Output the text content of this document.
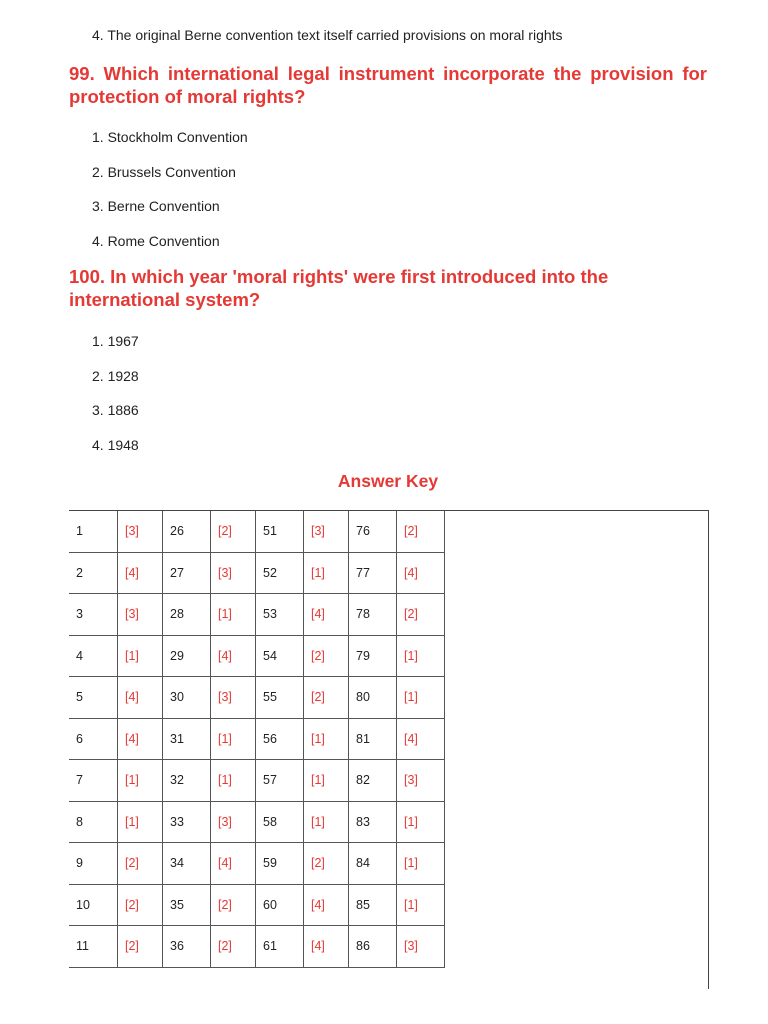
4. The original Berne convention text itself carried provisions on moral rights
99. Which international legal instrument incorporate the provision for protection of moral rights?
1. Stockholm Convention
2. Brussels Convention
3. Berne Convention
4. Rome Convention
100. In which year 'moral rights' were first introduced into the international system?
1. 1967
2. 1928
3. 1886
4. 1948
Answer Key
1	[3]	26	[2]	51	[3]	76	[2]
2	[4]	27	[3]	52	[1]	77	[4]
3	[3]	28	[1]	53	[4]	78	[2]
4	[1]	29	[4]	54	[2]	79	[1]
5	[4]	30	[3]	55	[2]	80	[1]
6	[4]	31	[1]	56	[1]	81	[4]
7	[1]	32	[1]	57	[1]	82	[3]
8	[1]	33	[3]	58	[1]	83	[1]
9	[2]	34	[4]	59	[2]	84	[1]
10	[2]	35	[2]	60	[4]	85	[1]
11	[2]	36	[2]	61	[4]	86	[3]
